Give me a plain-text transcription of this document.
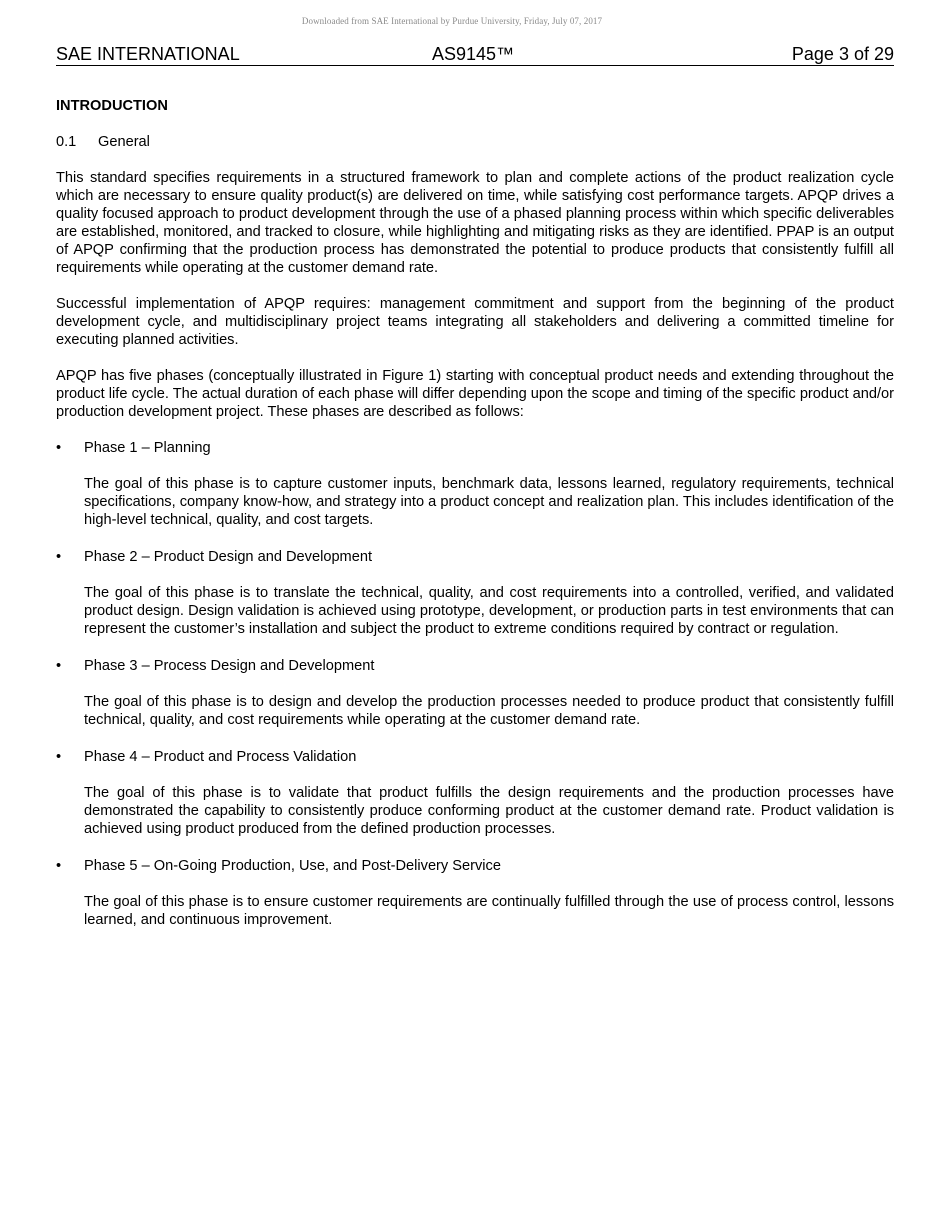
Downloaded from SAE International by Purdue University, Friday, July 07, 2017
SAE INTERNATIONAL	AS9145™	Page 3 of 29
INTRODUCTION
0.1 General

This standard specifies requirements in a structured framework to plan and complete actions of the product realization cycle which are necessary to ensure quality product(s) are delivered on time, while satisfying cost performance targets. APQP drives a quality focused approach to product development through the use of a phased planning process within which specific deliverables are established, monitored, and tracked to closure, while highlighting and mitigating risks as they are identified. PPAP is an output of APQP confirming that the production process has demonstrated the potential to produce products that consistently fulfill all requirements while operating at the customer demand rate.

Successful implementation of APQP requires: management commitment and support from the beginning of the product development cycle, and multidisciplinary project teams integrating all stakeholders and delivering a committed timeline for executing planned activities.

APQP has five phases (conceptually illustrated in Figure 1) starting with conceptual product needs and extending throughout the product life cycle. The actual duration of each phase will differ depending upon the scope and timing of the specific product and/or production development project. These phases are described as follows:

• Phase 1 – Planning
The goal of this phase is to capture customer inputs, benchmark data, lessons learned, regulatory requirements, technical specifications, company know-how, and strategy into a product concept and realization plan. This includes identification of the high-level technical, quality, and cost targets.
• Phase 2 – Product Design and Development
The goal of this phase is to translate the technical, quality, and cost requirements into a controlled, verified, and validated product design. Design validation is achieved using prototype, development, or production parts in test environments that can represent the customer’s installation and subject the product to extreme conditions required by contract or regulation.
• Phase 3 – Process Design and Development
The goal of this phase is to design and develop the production processes needed to produce product that consistently fulfill technical, quality, and cost requirements while operating at the customer demand rate.
• Phase 4 – Product and Process Validation
The goal of this phase is to validate that product fulfills the design requirements and the production processes have demonstrated the capability to consistently produce conforming product at the customer demand rate. Product validation is achieved using product produced from the defined production processes.
• Phase 5 – On-Going Production, Use, and Post-Delivery Service
The goal of this phase is to ensure customer requirements are continually fulfilled through the use of process control, lessons learned, and continuous improvement.
